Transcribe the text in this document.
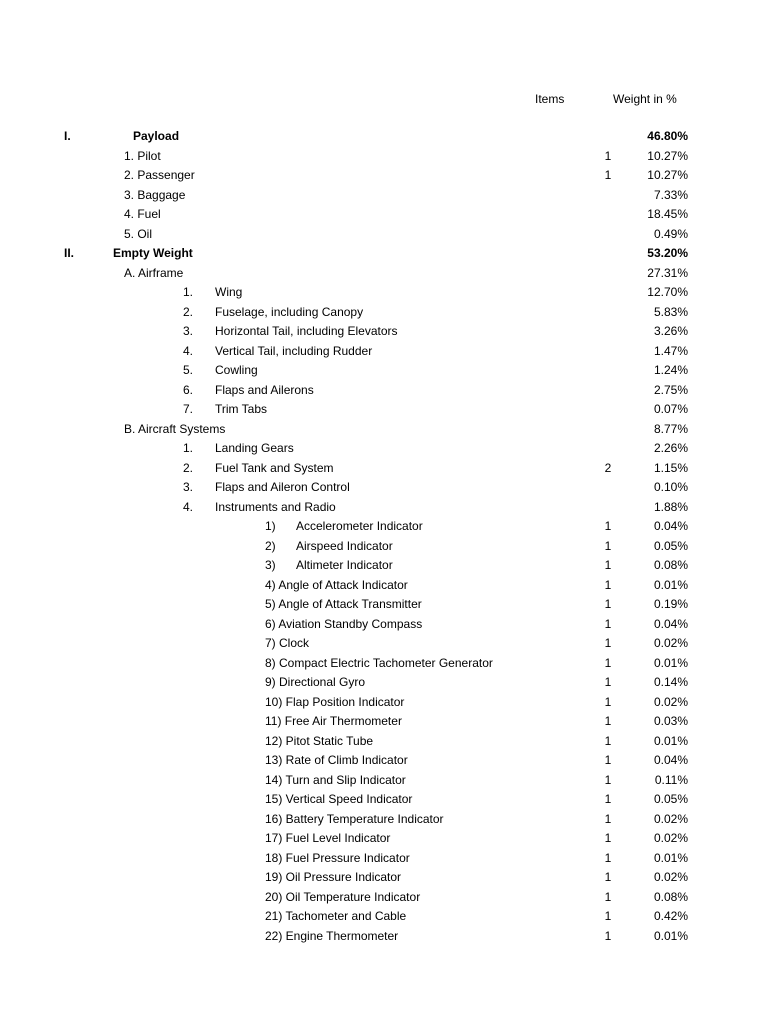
Items	Weight in %
I.	Payload	46.80%
1. Pilot	1	10.27%
2. Passenger	1	10.27%
3. Baggage	7.33%
4. Fuel	18.45%
5. Oil	0.49%
II.	Empty Weight	53.20%
A. Airframe	27.31%
1. Wing	12.70%
2. Fuselage, including Canopy	5.83%
3. Horizontal Tail, including Elevators	3.26%
4. Vertical Tail, including Rudder	1.47%
5. Cowling	1.24%
6. Flaps and Ailerons	2.75%
7. Trim Tabs	0.07%
B. Aircraft Systems	8.77%
1. Landing Gears	2.26%
2. Fuel Tank and System	2	1.15%
3. Flaps and Aileron Control	0.10%
4. Instruments and Radio	1.88%
1) Accelerometer Indicator	1	0.04%
2) Airspeed Indicator	1	0.05%
3) Altimeter Indicator	1	0.08%
4) Angle of Attack Indicator	1	0.01%
5) Angle of Attack Transmitter	1	0.19%
6) Aviation Standby Compass	1	0.04%
7) Clock	1	0.02%
8) Compact Electric Tachometer Generator	1	0.01%
9) Directional Gyro	1	0.14%
10) Flap Position Indicator	1	0.02%
11) Free Air Thermometer	1	0.03%
12) Pitot Static Tube	1	0.01%
13) Rate of Climb Indicator	1	0.04%
14) Turn and Slip Indicator	1	0.11%
15) Vertical Speed Indicator	1	0.05%
16) Battery Temperature Indicator	1	0.02%
17) Fuel Level Indicator	1	0.02%
18) Fuel Pressure Indicator	1	0.01%
19) Oil Pressure Indicator	1	0.02%
20) Oil Temperature Indicator	1	0.08%
21) Tachometer and Cable	1	0.42%
22) Engine Thermometer	1	0.01%
